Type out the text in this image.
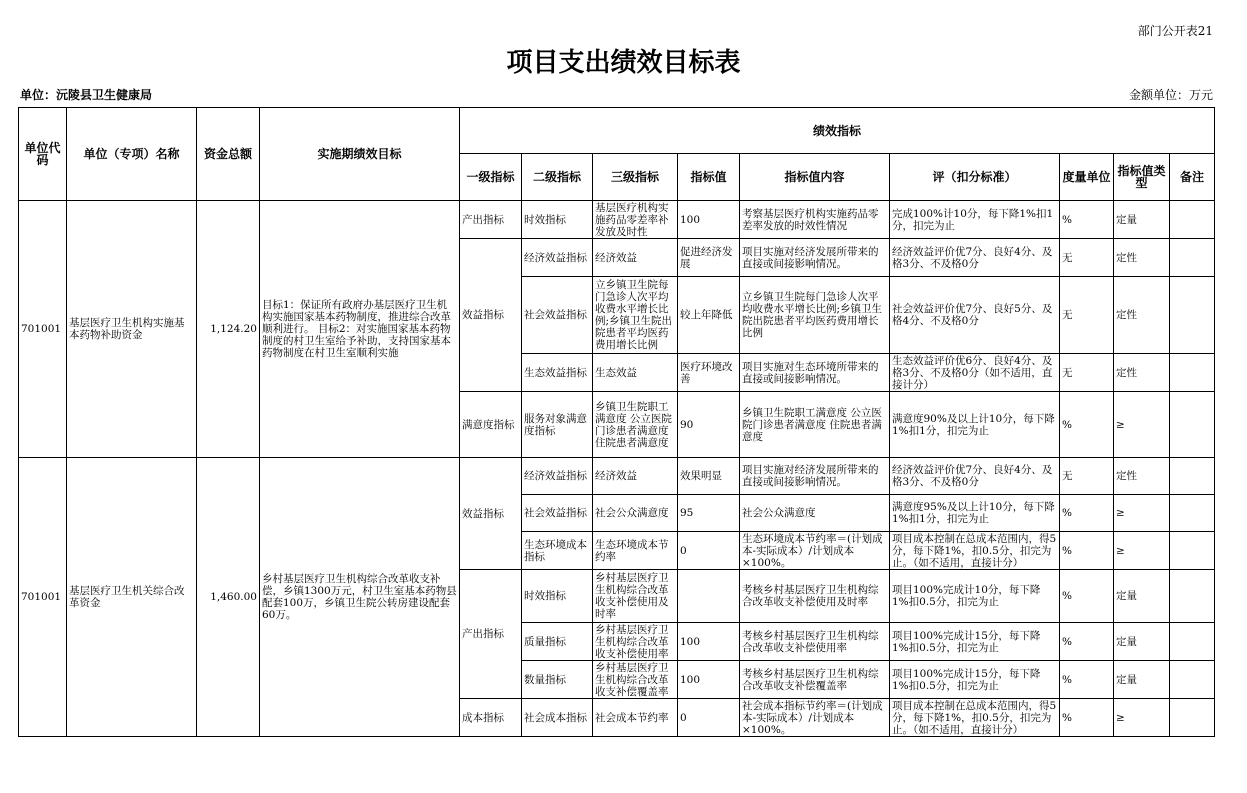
部门公开表21
项目支出绩效目标表
单位：沅陵县卫生健康局	金额单位：万元
单位代码	单位（专项）名称	资金总额	实施期绩效目标	绩效指标								
				一级指标	二级指标	三级指标	指标值	指标值内容	评（扣分标准）	度量单位	指标值类型	备注
701001	基层医疗卫生机构实施基本药物补助资金	1,124.20	目标1：保证所有政府办基层医疗卫生机构实施国家基本药物制度，推进综合改革顺利进行。 目标2：对实施国家基本药物制度的村卫生室给予补助，支持国家基本药物制度在村卫生室顺利实施	产出指标	时效指标	基层医疗机构实施药品零差率补发放及时性	100	考察基层医疗机构实施药品零差率发放的时效性情况	完成100%计10分，每下降1%扣1分，扣完为止	%	定量	
				效益指标	经济效益指标	经济效益	促进经济发展	项目实施对经济发展所带来的直接或间接影响情况。	经济效益评价优7分、良好4分、及格3分、不及格0分	无	定性	
					社会效益指标	立乡镇卫生院每门急诊人次平均收费水平增长比例;乡镇卫生院出院患者平均医药费用增长比例	较上年降低	立乡镇卫生院每门急诊人次平均收费水平增长比例;乡镇卫生院出院患者平均医药费用增长比例	社会效益评价优7分、良好5分、及格4分、不及格0分	无	定性	
					生态效益指标	生态效益	医疗环境改善	项目实施对生态环境所带来的直接或间接影响情况。	生态效益评价优6分、良好4分、及格3分、不及格0分（如不适用，直接计分）	无	定性	
				满意度指标	服务对象满意度指标	乡镇卫生院职工满意度 公立医院门诊患者满意度 住院患者满意度	90	乡镇卫生院职工满意度 公立医院门诊患者满意度 住院患者满意度	满意度90%及以上计10分，每下降1%扣1分，扣完为止	%	≥	
701001	基层医疗卫生机关综合改革资金	1,460.00	乡村基层医疗卫生机构综合改革收支补偿，乡镇1300万元，村卫生室基本药物县配套100万，乡镇卫生院公转房建设配套60万。	效益指标	经济效益指标	经济效益	效果明显	项目实施对经济发展所带来的直接或间接影响情况。	经济效益评价优7分、良好4分、及格3分、不及格0分	无	定性	
					社会效益指标	社会公众满意度	95	社会公众满意度	满意度95%及以上计10分，每下降1%扣1分，扣完为止	%	≥	

					生态环境成本指标	生态环境成本节约率	0	生态环境成本节约率＝(计划成本-实际成本）/计划成本×100%。	项目成本控制在总成本范围内，得5分，每下降1%，扣0.5分，扣完为止。（如不适用，直接计分）	%	≥	
				产出指标	时效指标	乡村基层医疗卫生机构综合改革收支补偿使用及时率		考核乡村基层医疗卫生机构综合改革收支补偿使用及时率	项目100%完成计10分，每下降1%扣0.5分，扣完为止	%	定量	
					质量指标	乡村基层医疗卫生机构综合改革收支补偿使用率	100	考核乡村基层医疗卫生机构综合改革收支补偿使用率	项目100%完成计15分，每下降1%扣0.5分，扣完为止	%	定量	
					数量指标	乡村基层医疗卫生机构综合改革收支补偿覆盖率	100	考核乡村基层医疗卫生机构综合改革收支补偿覆盖率	项目100%完成计15分，每下降1%扣0.5分，扣完为止	%	定量	
				成本指标	社会成本指标	社会成本节约率	0	社会成本指标节约率＝(计划成本-实际成本）/计划成本×100%。	项目成本控制在总成本范围内，得5分，每下降1%，扣0.5分，扣完为止。（如不适用，直接计分）	%	≥	
